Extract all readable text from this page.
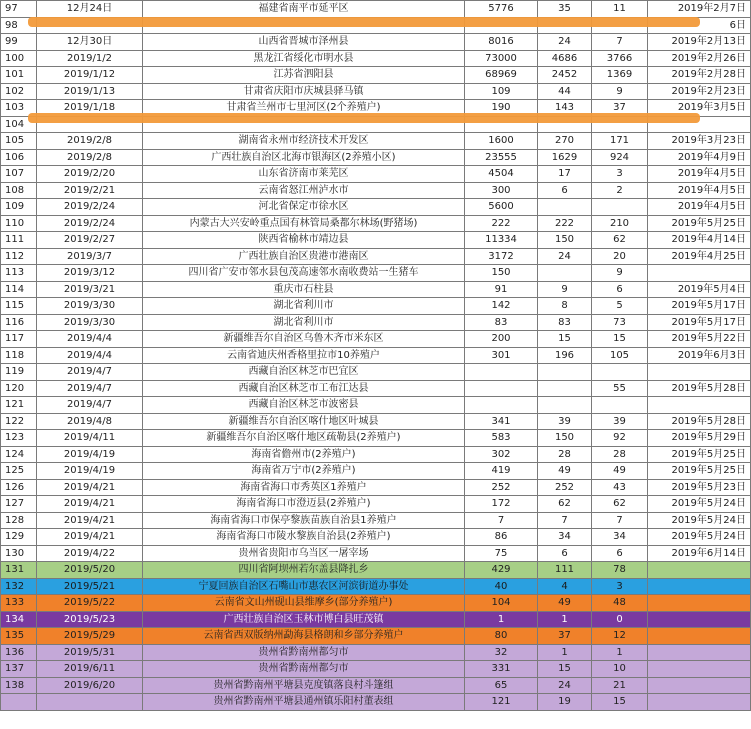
97	12月24日	福建省南平市延平区	5776	35	11	2019年2月7日
98						6日
99	12月30日	山西省晋城市泽州县	8016	24	7	2019年2月13日
100	2019/1/2	黑龙江省绥化市明水县	73000	4686	3766	2019年2月26日
101	2019/1/12	江苏省泗阳县	68969	2452	1369	2019年2月28日
102	2019/1/13	甘肃省庆阳市庆城县驿马镇	109	44	9	2019年2月23日
103	2019/1/18	甘肃省兰州市七里河区(2个养殖户)	190	143	37	2019年3月5日
104						
105	2019/2/8	湖南省永州市经济技术开发区	1600	270	171	2019年3月23日
106	2019/2/8	广西壮族自治区北海市银海区(2养殖小区)	23555	1629	924	2019年4月9日
107	2019/2/20	山东省济南市莱芜区	4504	17	3	2019年4月5日
108	2019/2/21	云南省怒江州泸水市	300	6	2	2019年4月5日
109	2019/2/24	河北省保定市徐水区	5600			2019年4月5日
110	2019/2/24	内蒙古大兴安岭重点国有林管局桑都尔林场(野猪场)	222	222	210	2019年5月25日
111	2019/2/27	陕西省榆林市靖边县	11334	150	62	2019年4月14日
112	2019/3/7	广西壮族自治区贵港市港南区	3172	24	20	2019年4月25日
113	2019/3/12	四川省广安市邻水县包茂高速邻水南收费站一生猪车	150		9	
114	2019/3/21	重庆市石柱县	91	9	6	2019年5月4日
115	2019/3/30	湖北省利川市	142	8	5	2019年5月17日
116	2019/3/30	湖北省利川市	83	83	73	2019年5月17日
117	2019/4/4	新疆维吾尔自治区乌鲁木齐市米东区	200	15	15	2019年5月22日
118	2019/4/4	云南省迪庆州香格里拉市10养殖户	301	196	105	2019年6月3日
119	2019/4/7	西藏自治区林芝市巴宜区				
120	2019/4/7	西藏自治区林芝市工布江达县			55	2019年5月28日
121	2019/4/7	西藏自治区林芝市波密县				
122	2019/4/8	新疆维吾尔自治区喀什地区叶城县	341	39	39	2019年5月28日
123	2019/4/11	新疆维吾尔自治区喀什地区疏勒县(2养殖户)	583	150	92	2019年5月29日
124	2019/4/19	海南省儋州市(2养殖户)	302	28	28	2019年5月25日
125	2019/4/19	海南省万宁市(2养殖户)	419	49	49	2019年5月25日
126	2019/4/21	海南省海口市秀英区1养殖户	252	252	43	2019年5月23日
127	2019/4/21	海南省海口市澄迈县(2养殖户)	172	62	62	2019年5月24日
128	2019/4/21	海南省海口市保亭黎族苗族自治县1养殖户	7	7	7	2019年5月24日
129	2019/4/21	海南省海口市陵水黎族自治县(2养殖户)	86	34	34	2019年5月24日
130	2019/4/22	贵州省贵阳市乌当区一屠宰场	75	6	6	2019年6月14日
131	2019/5/20	四川省阿坝州若尔盖县降扎乡	429	111	78	
132	2019/5/21	宁夏回族自治区石嘴山市惠农区河滨街道办事处	40	4	3	
133	2019/5/22	云南省文山州砚山县维摩乡(部分养殖户)	104	49	48	
134	2019/5/23	广西壮族自治区玉林市博白县旺茂镇	1	1	0	
135	2019/5/29	云南省西双版纳州勐海县格朗和乡部分养殖户	80	37	12	
136	2019/5/31	贵州省黔南州都匀市	32	1	1	
137	2019/6/11	贵州省黔南州都匀市	331	15	10	
138	2019/6/20	贵州省黔南州平塘县克度镇落良村斗篷组	65	24	21	
		贵州省黔南州平塘县通州镇乐阳村董表组	121	19	15	
